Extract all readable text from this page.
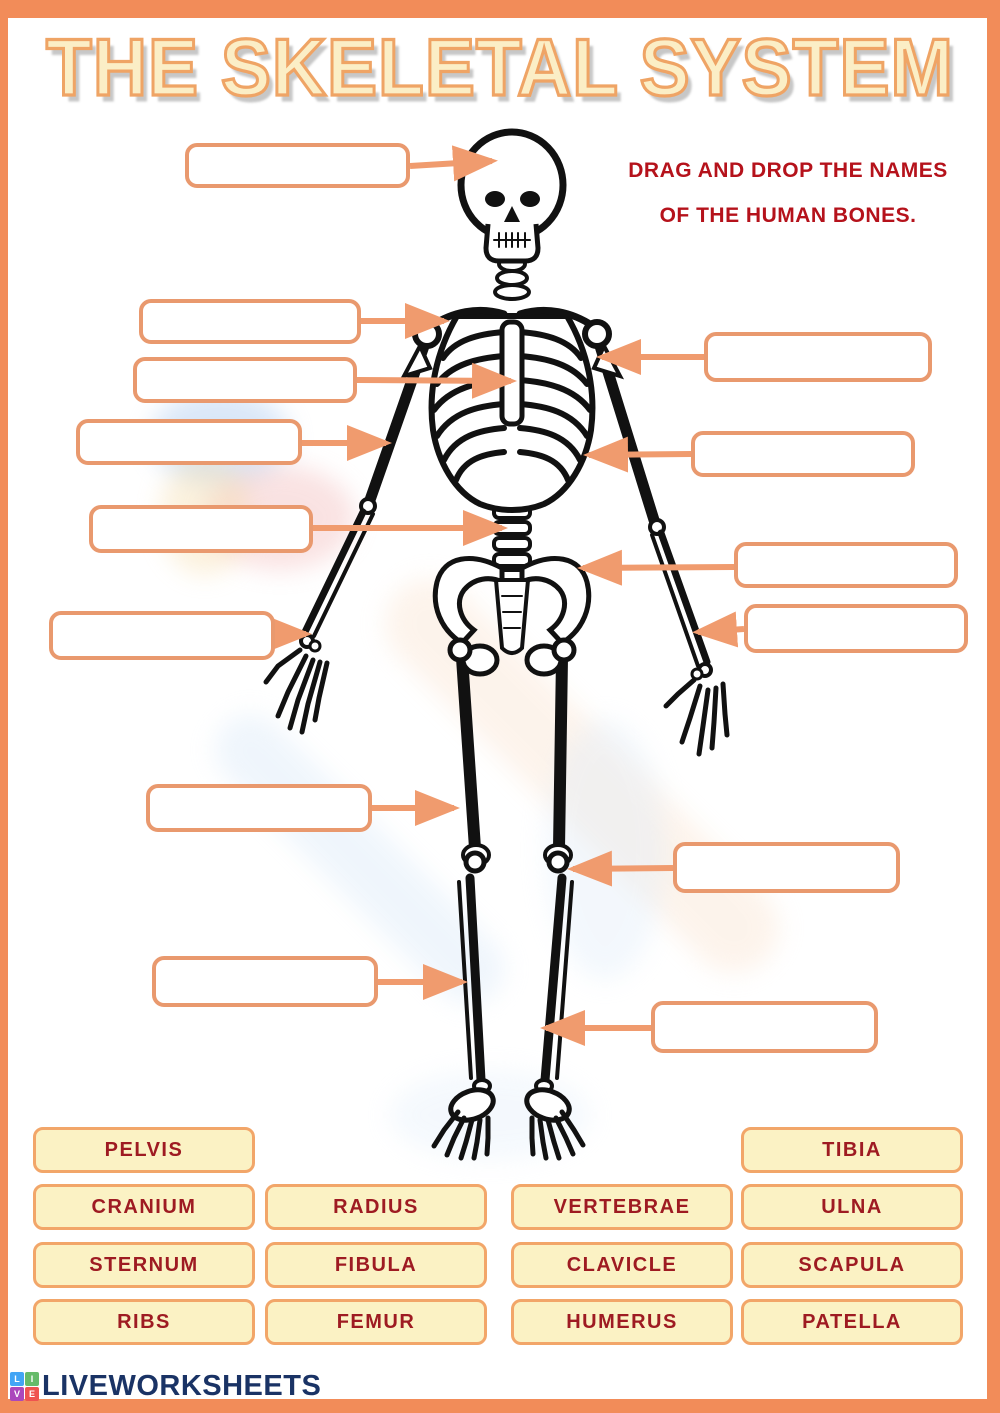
THE SKELETAL SYSTEM
DRAG AND DROP THE NAMES
OF THE HUMAN BONES.
PELVIS	TIBIA
CRANIUM	RADIUS	VERTEBRAE	ULNA
STERNUM	FIBULA	CLAVICLE	SCAPULA
RIBS	FEMUR	HUMERUS	PATELLA
L	I
V E LIVEWORKSHEETS
